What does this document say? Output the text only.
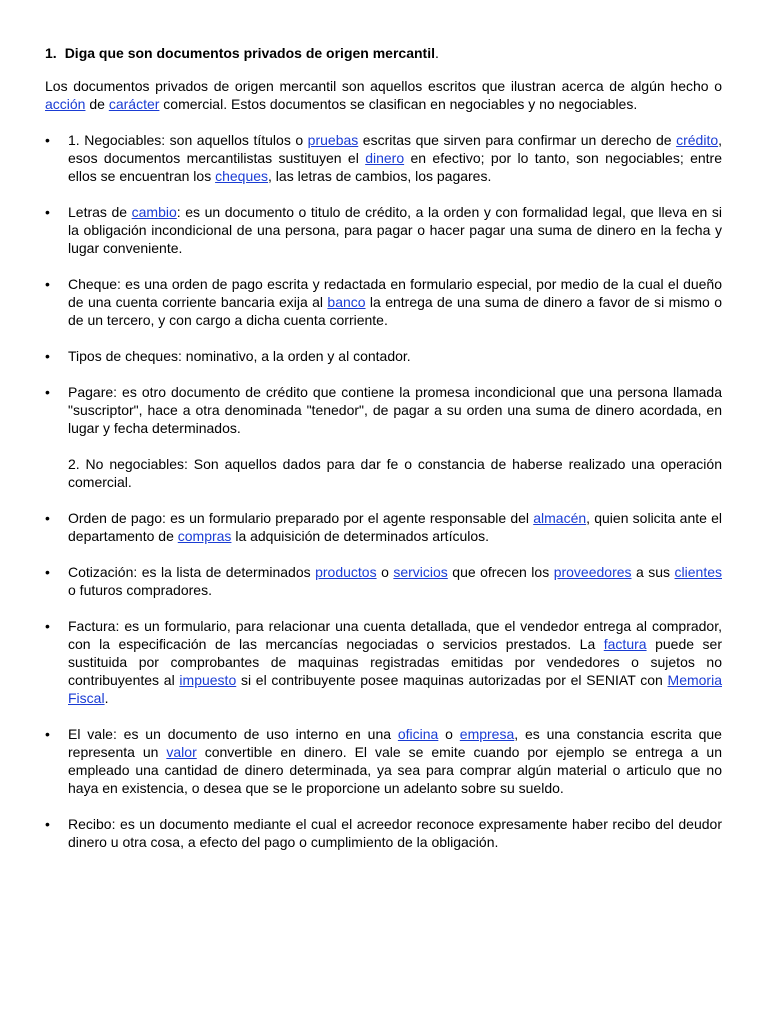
1. Diga que son documentos privados de origen mercantil.

Los documentos privados de origen mercantil son aquellos escritos que ilustran acerca de algún hecho o acción de carácter comercial. Estos documentos se clasifican en negociables y no negociables.

• 1. Negociables: son aquellos títulos o pruebas escritas que sirven para confirmar un derecho de crédito, esos documentos mercantilistas sustituyen el dinero en efectivo; por lo tanto, son negociables; entre ellos se encuentran los cheques, las letras de cambios, los pagares.
• Letras de cambio: es un documento o titulo de crédito, a la orden y con formalidad legal, que lleva en si la obligación incondicional de una persona, para pagar o hacer pagar una suma de dinero en la fecha y lugar conveniente.
• Cheque: es una orden de pago escrita y redactada en formulario especial, por medio de la cual el dueño de una cuenta corriente bancaria exija al banco la entrega de una suma de dinero a favor de si mismo o de un tercero, y con cargo a dicha cuenta corriente.
• Tipos de cheques: nominativo, a la orden y al contador.
• Pagare: es otro documento de crédito que contiene la promesa incondicional que una persona llamada "suscriptor", hace a otra denominada "tenedor", de pagar a su orden una suma de dinero acordada, en lugar y fecha determinados.

2. No negociables: Son aquellos dados para dar fe o constancia de haberse realizado una operación comercial.

• Orden de pago: es un formulario preparado por el agente responsable del almacén, quien solicita ante el departamento de compras la adquisición de determinados artículos.
• Cotización: es la lista de determinados productos o servicios que ofrecen los proveedores a sus clientes o futuros compradores.
• Factura: es un formulario, para relacionar una cuenta detallada, que el vendedor entrega al comprador, con la especificación de las mercancías negociadas o servicios prestados. La factura puede ser sustituida por comprobantes de maquinas registradas emitidas por vendedores o sujetos no contribuyentes al impuesto si el contribuyente posee maquinas autorizadas por el SENIAT con Memoria Fiscal.
• El vale: es un documento de uso interno en una oficina o empresa, es una constancia escrita que representa un valor convertible en dinero. El vale se emite cuando por ejemplo se entrega a un empleado una cantidad de dinero determinada, ya sea para comprar algún material o articulo que no haya en existencia, o desea que se le proporcione un adelanto sobre su sueldo.
• Recibo: es un documento mediante el cual el acreedor reconoce expresamente haber recibo del deudor dinero u otra cosa, a efecto del pago o cumplimiento de la obligación.
